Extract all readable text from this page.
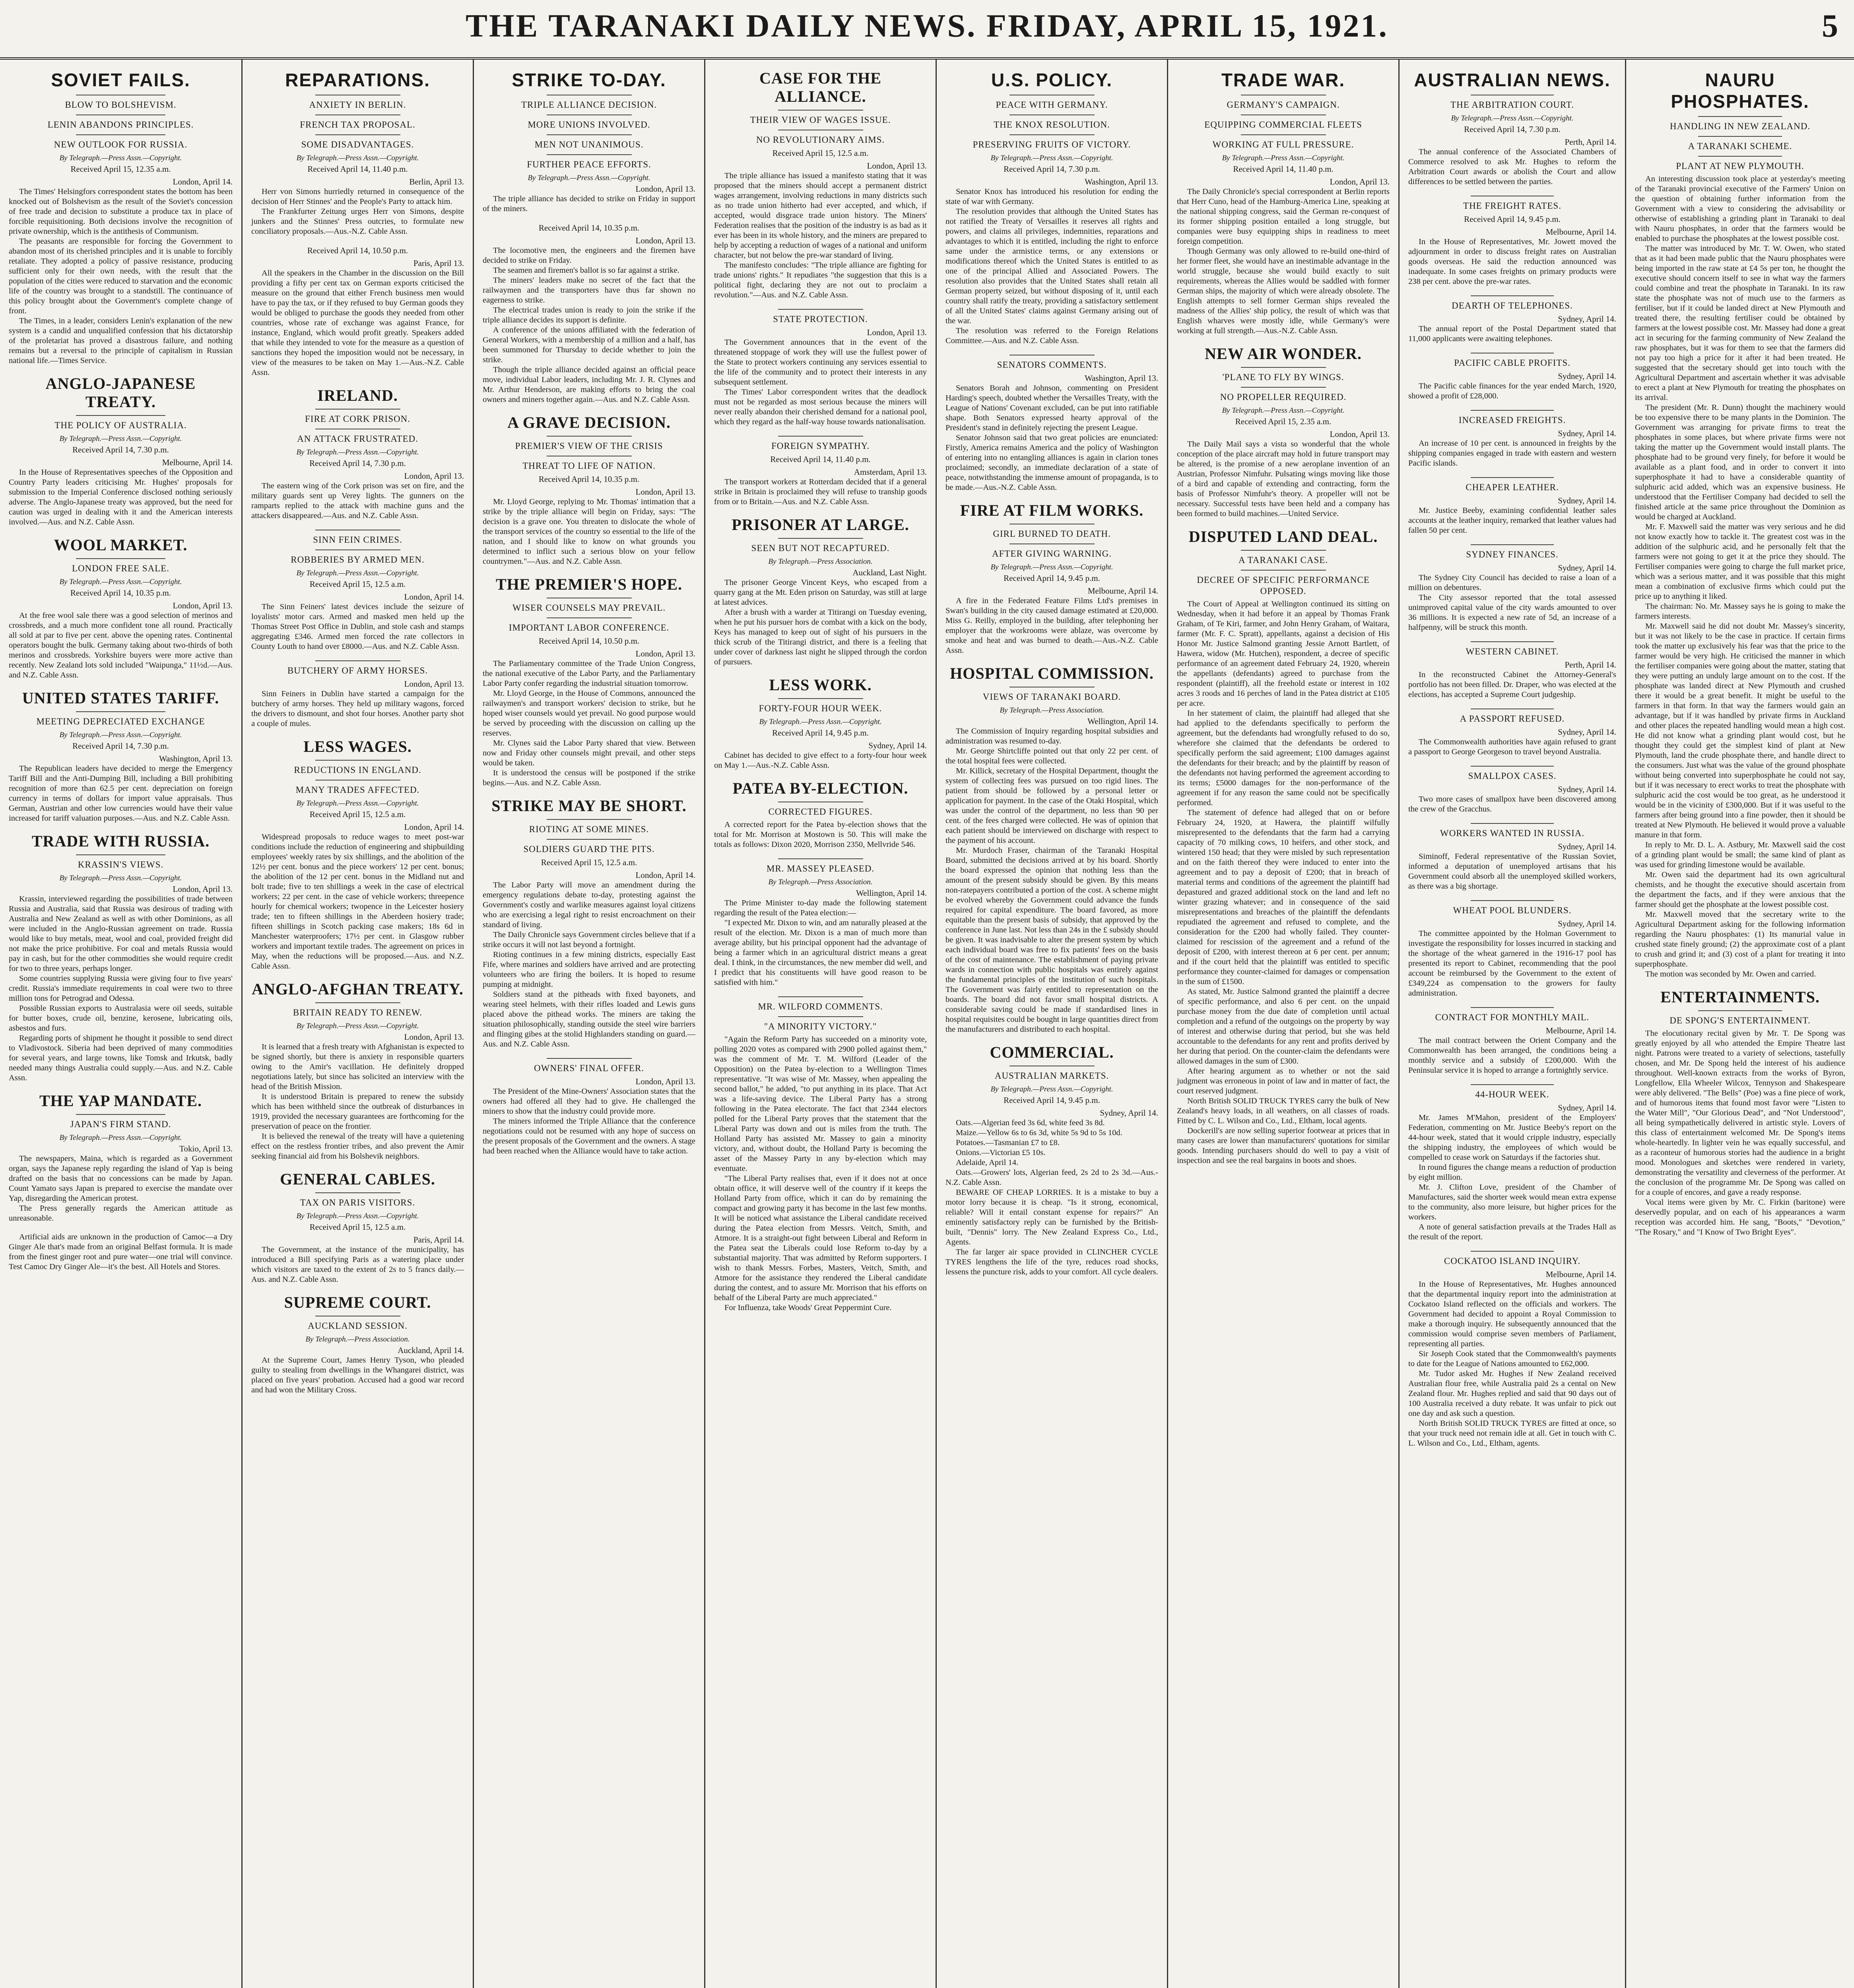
THE TARANAKI DAILY NEWS. FRIDAY, APRIL 15, 1921.	5
SOVIET FAILS.
BLOW TO BOLSHEVISM.
LENIN ABANDONS PRINCIPLES.
NEW OUTLOOK FOR RUSSIA.
By Telegraph.—Press Assn.—Copyright.
Received April 15, 12.35 a.m.
London, April 14.

The Times' Helsingfors correspondent states the bottom has been knocked out of Bolshevism as the result of the Soviet's concession of free trade and decision to substitute a produce tax in place of forcible requisitioning. Both decisions involve the recognition of private ownership, which is the antithesis of Communism.

The peasants are responsible for forcing the Government to abandon most of its cherished principles and it is unable to forcibly retaliate. They adopted a policy of passive resistance, producing sufficient only for their own needs, with the result that the population of the cities were reduced to starvation and the economic life of the country was brought to a standstill. The continuance of this policy brought about the Government's complete change of front.

The Times, in a leader, considers Lenin's explanation of the new system is a candid and unqualified confession that his dictatorship of the proletariat has proved a disastrous failure, and nothing remains but a reversal to the principle of capitalism in Russian national life.—Times Service.

ANGLO-JAPANESE TREATY.
THE POLICY OF AUSTRALIA.
By Telegraph.—Press Assn.—Copyright.
Received April 14, 7.30 p.m.
Melbourne, April 14.

In the House of Representatives speeches of the Opposition and Country Party leaders criticising Mr. Hughes' proposals for submission to the Imperial Conference disclosed nothing seriously adverse. The Anglo-Japanese treaty was approved, but the need for caution was urged in dealing with it and the American interests involved.—Aus. and N.Z. Cable Assn.

WOOL MARKET.
LONDON FREE SALE.
By Telegraph.—Press Assn.—Copyright.
Received April 14, 10.35 p.m.
London, April 13.

At the free wool sale there was a good selection of merinos and crossbreds, and a much more confident tone all round. Practically all sold at par to five per cent. above the opening rates. Continental operators bought the bulk. Germany taking about two-thirds of both merinos and crossbreds. Yorkshire buyers were more active than recently. New Zealand lots sold included "Waipunga," 11½d.—Aus. and N.Z. Cable Assn.

UNITED STATES TARIFF.
MEETING DEPRECIATED EXCHANGE
By Telegraph.—Press Assn.—Copyright.
Received April 14, 7.30 p.m.
Washington, April 13.

The Republican leaders have decided to merge the Emergency Tariff Bill and the Anti-Dumping Bill, including a Bill prohibiting recognition of more than 62.5 per cent. depreciation on foreign currency in terms of dollars for import value appraisals. Thus German, Austrian and other low currencies would have their value increased for tariff valuation purposes.—Aus. and N.Z. Cable Assn.

TRADE WITH RUSSIA.
KRASSIN'S VIEWS.
By Telegraph.—Press Assn.—Copyright.
London, April 13.

Krassin, interviewed regarding the possibilities of trade between Russia and Australia, said that Russia was desirous of trading with Australia and New Zealand as well as with other Dominions, as all were included in the Anglo-Russian agreement on trade. Russia would like to buy metals, meat, wool and coal, provided freight did not make the price prohibitive. For coal and metals Russia would pay in cash, but for the other commodities she would require credit for two to three years, perhaps longer.

Some countries supplying Russia were giving four to five years' credit. Russia's immediate requirements in coal were two to three million tons for Petrograd and Odessa.

Possible Russian exports to Australasia were oil seeds, suitable for butter boxes, crude oil, benzine, kerosene, lubricating oils, asbestos and furs.

Regarding ports of shipment he thought it possible to send direct to Vladivostock. Siberia had been deprived of many commodities for several years, and large towns, like Tomsk and Irkutsk, badly needed many things Australia could supply.—Aus. and N.Z. Cable Assn.

THE YAP MANDATE.
JAPAN'S FIRM STAND.
By Telegraph.—Press Assn.—Copyright.
Tokio, April 13.

The newspapers, Maina, which is regarded as a Government organ, says the Japanese reply regarding the island of Yap is being drafted on the basis that no concessions can be made by Japan. Count Yamato says Japan is prepared to exercise the mandate over Yap, disregarding the American protest.

The Press generally regards the American attitude as unreasonable.

Artificial aids are unknown in the production of Camoc—a Dry Ginger Ale that's made from an original Belfast formula. It is made from the finest ginger root and pure water—one trial will convince. Test Camoc Dry Ginger Ale—it's the best. All Hotels and Stores.

REPARATIONS.
ANXIETY IN BERLIN.
FRENCH TAX PROPOSAL.
SOME DISADVANTAGES.
By Telegraph.—Press Assn.—Copyright.
Received April 14, 11.40 p.m.
Berlin, April 13.

Herr von Simons hurriedly returned in consequence of the decision of Herr Stinnes' and the People's Party to attack him.

The Frankfurter Zeitung urges Herr von Simons, despite junkers and the Stinnes' Press outcries, to formulate new conciliatory proposals.—Aus.-N.Z. Cable Assn.

Received April 14, 10.50 p.m.
Paris, April 13.

All the speakers in the Chamber in the discussion on the Bill providing a fifty per cent tax on German exports criticised the measure on the ground that either French business men would have to pay the tax, or if they refused to buy German goods they would be obliged to purchase the goods they needed from other countries, whose rate of exchange was against France, for instance, England, which would profit greatly. Speakers added that while they intended to vote for the measure as a question of sanctions they hoped the imposition would not be necessary, in view of the measures to be taken on May 1.—Aus.-N.Z. Cable Assn.

IRELAND.
FIRE AT CORK PRISON.
AN ATTACK FRUSTRATED.
By Telegraph.—Press Assn.—Copyright.
Received April 14, 7.30 p.m.
London, April 13.

The eastern wing of the Cork prison was set on fire, and the military guards sent up Verey lights. The gunners on the ramparts replied to the attack with machine guns and the attackers disappeared.—Aus. and N.Z. Cable Assn.

SINN FEIN CRIMES.
ROBBERIES BY ARMED MEN.
By Telegraph.—Press Assn.—Copyright.
Received April 15, 12.5 a.m.
London, April 14.

The Sinn Feiners' latest devices include the seizure of loyalists' motor cars. Armed and masked men held up the Thomas Street Post Office in Dublin, and stole cash and stamps aggregating £346. Armed men forced the rate collectors in County Louth to hand over £8000.—Aus. and N.Z. Cable Assn.

BUTCHERY OF ARMY HORSES.
London, April 13.

Sinn Feiners in Dublin have started a campaign for the butchery of army horses. They held up military wagons, forced the drivers to dismount, and shot four horses. Another party shot a couple of mules.

LESS WAGES.
REDUCTIONS IN ENGLAND.
MANY TRADES AFFECTED.
By Telegraph.—Press Assn.—Copyright.
Received April 15, 12.5 a.m.
London, April 14.

Widespread proposals to reduce wages to meet post-war conditions include the reduction of engineering and shipbuilding employees' weekly rates by six shillings, and the abolition of the 12½ per cent. bonus and the piece workers' 12 per cent. bonus; the abolition of the 12 per cent. bonus in the Midland nut and bolt trade; five to ten shillings a week in the case of electrical workers; 22 per cent. in the case of vehicle workers; threepence hourly for chemical workers; twopence in the Leicester hosiery trade; ten to fifteen shillings in the Aberdeen hosiery trade; fifteen shillings in Scotch packing case makers; 18s 6d in Manchester waterproofers; 17½ per cent. in Glasgow rubber workers and important textile trades. The agreement on prices in May, when the reductions will be proposed.—Aus. and N.Z. Cable Assn.

ANGLO-AFGHAN TREATY.
BRITAIN READY TO RENEW.
By Telegraph.—Press Assn.—Copyright.
London, April 13.

It is learned that a fresh treaty with Afghanistan is expected to be signed shortly, but there is anxiety in responsible quarters owing to the Amir's vacillation. He definitely dropped negotiations lately, but since has solicited an interview with the head of the British Mission.

It is understood Britain is prepared to renew the subsidy which has been withheld since the outbreak of disturbances in 1919, provided the necessary guarantees are forthcoming for the preservation of peace on the frontier.

It is believed the renewal of the treaty will have a quietening effect on the restless frontier tribes, and also prevent the Amir seeking financial aid from his Bolshevik neighbors.

GENERAL CABLES.
TAX ON PARIS VISITORS.
By Telegraph.—Press Assn.—Copyright.
Received April 15, 12.5 a.m.
Paris, April 14.

The Government, at the instance of the municipality, has introduced a Bill specifying Paris as a watering place under which visitors are taxed to the extent of 2s to 5 francs daily.—Aus. and N.Z. Cable Assn.

SUPREME COURT.
AUCKLAND SESSION.
By Telegraph.—Press Association.
Auckland, April 14.

At the Supreme Court, James Henry Tyson, who pleaded guilty to stealing from dwellings in the Whangarei district, was placed on five years' probation. Accused had a good war record and had won the Military Cross.

STRIKE TO-DAY.
TRIPLE ALLIANCE DECISION.
MORE UNIONS INVOLVED.
MEN NOT UNANIMOUS.
FURTHER PEACE EFFORTS.
By Telegraph.—Press Assn.—Copyright.
London, April 13.

The triple alliance has decided to strike on Friday in support of the miners.

Received April 14, 10.35 p.m.
London, April 13.

The locomotive men, the engineers and the firemen have decided to strike on Friday.

The seamen and firemen's ballot is so far against a strike.

The miners' leaders make no secret of the fact that the railwaymen and the transporters have thus far shown no eagerness to strike.

The electrical trades union is ready to join the strike if the triple alliance decides its support is definite.

A conference of the unions affiliated with the federation of General Workers, with a membership of a million and a half, has been summoned for Thursday to decide whether to join the strike.

Though the triple alliance decided against an official peace move, individual Labor leaders, including Mr. J. R. Clynes and Mr. Arthur Henderson, are making efforts to bring the coal owners and miners together again.—Aus. and N.Z. Cable Assn.

A GRAVE DECISION.
PREMIER'S VIEW OF THE CRISIS
THREAT TO LIFE OF NATION.
Received April 14, 10.35 p.m.
London, April 13.

Mr. Lloyd George, replying to Mr. Thomas' intimation that a strike by the triple alliance will begin on Friday, says: "The decision is a grave one. You threaten to dislocate the whole of the transport services of the country so essential to the life of the nation, and I should like to know on what grounds you determined to inflict such a serious blow on your fellow countrymen."—Aus. and N.Z. Cable Assn.

THE PREMIER'S HOPE.
WISER COUNSELS MAY PREVAIL.
IMPORTANT LABOR CONFERENCE.
Received April 14, 10.50 p.m.
London, April 13.

The Parliamentary committee of the Trade Union Congress, the national executive of the Labor Party, and the Parliamentary Labor Party confer regarding the industrial situation tomorrow.

Mr. Lloyd George, in the House of Commons, announced the railwaymen's and transport workers' decision to strike, but he hoped wiser counsels would yet prevail. No good purpose would be served by proceeding with the discussion on calling up the reserves.

Mr. Clynes said the Labor Party shared that view. Between now and Friday other counsels might prevail, and other steps would be taken.

It is understood the census will be postponed if the strike begins.—Aus. and N.Z. Cable Assn.

STRIKE MAY BE SHORT.
RIOTING AT SOME MINES.
SOLDIERS GUARD THE PITS.
Received April 15, 12.5 a.m.
London, April 14.

The Labor Party will move an amendment during the emergency regulations debate to-day, protesting against the Government's costly and warlike measures against loyal citizens who are exercising a legal right to resist encroachment on their standard of living.

The Daily Chronicle says Government circles believe that if a strike occurs it will not last beyond a fortnight.

Rioting continues in a few mining districts, especially East Fife, where marines and soldiers have arrived and are protecting volunteers who are firing the boilers. It is hoped to resume pumping at midnight.

Soldiers stand at the pitheads with fixed bayonets, and wearing steel helmets, with their rifles loaded and Lewis guns placed above the pithead works. The miners are taking the situation philosophically, standing outside the steel wire barriers and flinging gibes at the stolid Highlanders standing on guard.—Aus. and N.Z. Cable Assn.

OWNERS' FINAL OFFER.
London, April 13.

The President of the Mine-Owners' Association states that the owners had offered all they had to give. He challenged the miners to show that the industry could provide more.

The miners informed the Triple Alliance that the conference negotiations could not be resumed with any hope of success on the present proposals of the Government and the owners. A stage had been reached when the Alliance would have to take action.

CASE FOR THE ALLIANCE.
THEIR VIEW OF WAGES ISSUE.
NO REVOLUTIONARY AIMS.
Received April 15, 12.5 a.m.
London, April 13.

The triple alliance has issued a manifesto stating that it was proposed that the miners should accept a permanent district wages arrangement, involving reductions in many districts such as no trade union hitherto had ever accepted, and which, if accepted, would disgrace trade union history. The Miners' Federation realises that the position of the industry is as bad as it ever has been in its whole history, and the miners are prepared to help by accepting a reduction of wages of a national and uniform character, but not below the pre-war standard of living.

The manifesto concludes: "The triple alliance are fighting for trade unions' rights." It repudiates "the suggestion that this is a political fight, declaring they are not out to proclaim a revolution."—Aus. and N.Z. Cable Assn.

STATE PROTECTION.
London, April 13.

The Government announces that in the event of the threatened stoppage of work they will use the fullest power of the State to protect workers continuing any services essential to the life of the community and to protect their interests in any subsequent settlement.

The Times' Labor correspondent writes that the deadlock must not be regarded as most serious because the miners will never really abandon their cherished demand for a national pool, which they regard as the half-way house towards nationalisation.

FOREIGN SYMPATHY.
Received April 14, 11.40 p.m.
Amsterdam, April 13.

The transport workers at Rotterdam decided that if a general strike in Britain is proclaimed they will refuse to tranship goods from or to Britain.—Aus. and N.Z. Cable Assn.

PRISONER AT LARGE.
SEEN BUT NOT RECAPTURED.
By Telegraph.—Press Association.
Auckland, Last Night.

The prisoner George Vincent Keys, who escaped from a quarry gang at the Mt. Eden prison on Saturday, was still at large at latest advices.

After a brush with a warder at Titirangi on Tuesday evening, when he put his pursuer hors de combat with a kick on the body, Keys has managed to keep out of sight of his pursuers in the thick scrub of the Titirangi district, and there is a feeling that under cover of darkness last night he slipped through the cordon of pursuers.

LESS WORK.
FORTY-FOUR HOUR WEEK.
By Telegraph.—Press Assn.—Copyright.
Received April 14, 9.45 p.m.
Sydney, April 14.

Cabinet has decided to give effect to a forty-four hour week on May 1.—Aus.-N.Z. Cable Assn.

PATEA BY-ELECTION.
CORRECTED FIGURES.

A corrected report for the Patea by-election shows that the total for Mr. Morrison at Mostown is 50. This will make the totals as follows: Dixon 2020, Morrison 2350, Mellvride 546.

MR. MASSEY PLEASED.
By Telegraph.—Press Association.
Wellington, April 14.

The Prime Minister to-day made the following statement regarding the result of the Patea election:—

"I expected Mr. Dixon to win, and am naturally pleased at the result of the election. Mr. Dixon is a man of much more than average ability, but his principal opponent had the advantage of being a farmer which in an agricultural district means a great deal. I think, in the circumstances, the new member did well, and I predict that his constituents will have good reason to be satisfied with him."

MR. WILFORD COMMENTS.
"A MINORITY VICTORY."

"Again the Reform Party has succeeded on a minority vote, polling 2020 votes as compared with 2900 polled against them," was the comment of Mr. T. M. Wilford (Leader of the Opposition) on the Patea by-election to a Wellington Times representative. "It was wise of Mr. Massey, when appealing the second ballot," he added, "to put anything in its place. That Act was a life-saving device. The Liberal Party has a strong following in the Patea electorate. The fact that 2344 electors polled for the Liberal Party proves that the statement that the Liberal Party was down and out is miles from the truth. The Holland Party has assisted Mr. Massey to gain a minority victory, and, without doubt, the Holland Party is becoming the asset of the Massey Party in any by-election which may eventuate.

"The Liberal Party realises that, even if it does not at once obtain office, it will deserve well of the country if it keeps the Holland Party from office, which it can do by remaining the compact and growing party it has become in the last few months. It will be noticed what assistance the Liberal candidate received during the Patea election from Messrs. Veitch, Smith, and Atmore. It is a straight-out fight between Liberal and Reform in the Patea seat the Liberals could lose Reform to-day by a substantial majority. That was admitted by Reform supporters. I wish to thank Messrs. Forbes, Masters, Veitch, Smith, and Atmore for the assistance they rendered the Liberal candidate during the contest, and to assure Mr. Morrison that his efforts on behalf of the Liberal Party are much appreciated."

For Influenza, take Woods' Great Peppermint Cure.

U.S. POLICY.
PEACE WITH GERMANY.
THE KNOX RESOLUTION.
PRESERVING FRUITS OF VICTORY.
By Telegraph.—Press Assn.—Copyright.
Received April 14, 7.30 p.m.
Washington, April 13.

Senator Knox has introduced his resolution for ending the state of war with Germany.

The resolution provides that although the United States has not ratified the Treaty of Versailles it reserves all rights and powers, and claims all privileges, indemnities, reparations and advantages to which it is entitled, including the right to enforce same under the armistice terms, or any extensions or modifications thereof which the United States is entitled to as one of the principal Allied and Associated Powers. The resolution also provides that the United States shall retain all German property seized, but without disposing of it, until each country shall ratify the treaty, providing a satisfactory settlement of all the United States' claims against Germany arising out of the war.

The resolution was referred to the Foreign Relations Committee.—Aus. and N.Z. Cable Assn.

SENATORS COMMENTS.
Washington, April 13.

Senators Borah and Johnson, commenting on President Harding's speech, doubted whether the Versailles Treaty, with the League of Nations' Covenant excluded, can be put into ratifiable shape. Both Senators expressed hearty approval of the President's stand in definitely rejecting the present League.

Senator Johnson said that two great policies are enunciated: Firstly, America remains America and the policy of Washington of entering into no entangling alliances is again in clarion tones proclaimed; secondly, an immediate declaration of a state of peace, notwithstanding the immense amount of propaganda, is to be made.—Aus.-N.Z. Cable Assn.

FIRE AT FILM WORKS.
GIRL BURNED TO DEATH.
AFTER GIVING WARNING.
By Telegraph.—Press Assn.—Copyright.
Received April 14, 9.45 p.m.
Melbourne, April 14.

A fire in the Federated Feature Films Ltd's premises in Swan's building in the city caused damage estimated at £20,000. Miss G. Reilly, employed in the building, after telephoning her employer that the workrooms were ablaze, was overcome by smoke and heat and was burned to death.—Aus.-N.Z. Cable Assn.

HOSPITAL COMMISSION.
VIEWS OF TARANAKI BOARD.
By Telegraph.—Press Association.
Wellington, April 14.

The Commission of Inquiry regarding hospital subsidies and administration was resumed to-day.

Mr. George Shirtcliffe pointed out that only 22 per cent. of the total hospital fees were collected.

Mr. Killick, secretary of the Hospital Department, thought the system of collecting fees was pursued on too rigid lines. The patient from should be followed by a personal letter or application for payment. In the case of the Otaki Hospital, which was under the control of the department, no less than 90 per cent. of the fees charged were collected. He was of opinion that each patient should be interviewed on discharge with respect to the payment of his account.

Mr. Murdoch Fraser, chairman of the Taranaki Hospital Board, submitted the decisions arrived at by his board. Shortly the board expressed the opinion that nothing less than the amount of the present subsidy should be given. By this means non-ratepayers contributed a portion of the cost. A scheme might be evolved whereby the Government could advance the funds required for capital expenditure. The board favored, as more equitable than the present basis of subsidy, that approved by the conference in June last. Not less than 24s in the £ subsidy should be given. It was inadvisable to alter the present system by which each individual board was free to fix patients' fees on the basis of the cost of maintenance. The establishment of paying private wards in connection with public hospitals was entirely against the fundamental principles of the institution of such hospitals. The Government was fairly entitled to representation on the boards. The board did not favor small hospital districts. A considerable saving could be made if standardised lines in hospital requisites could be bought in large quantities direct from the manufacturers and distributed to each hospital.

COMMERCIAL.
AUSTRALIAN MARKETS.
By Telegraph.—Press Assn.—Copyright.
Received April 14, 9.45 p.m.
Sydney, April 14.

Oats.—Algerian feed 3s 6d, white feed 3s 8d.

Maize.—Yellow 6s to 6s 3d, white 5s 9d to 5s 10d.

Potatoes.—Tasmanian £7 to £8.

Onions.—Victorian £5 10s.

Adelaide, April 14.

Oats.—Growers' lots, Algerian feed, 2s 2d to 2s 3d.—Aus.-N.Z. Cable Assn.

BEWARE OF CHEAP LORRIES. It is a mistake to buy a motor lorry because it is cheap. "Is it strong, economical, reliable? Will it entail constant expense for repairs?" An eminently satisfactory reply can be furnished by the British-built, "Dennis" lorry. The New Zealand Express Co., Ltd., Agents.

The far larger air space provided in CLINCHER CYCLE TYRES lengthens the life of the tyre, reduces road shocks, lessens the puncture risk, adds to your comfort. All cycle dealers.

TRADE WAR.
GERMANY'S CAMPAIGN.
EQUIPPING COMMERCIAL FLEETS
WORKING AT FULL PRESSURE.
By Telegraph.—Press Assn.—Copyright.
Received April 14, 11.40 p.m.
London, April 13.

The Daily Chronicle's special correspondent at Berlin reports that Herr Cuno, head of the Hamburg-America Line, speaking at the national shipping congress, said the German re-conquest of its former shipping position entailed a long struggle, but companies were busy equipping ships in readiness to meet foreign competition.

Though Germany was only allowed to re-build one-third of her former fleet, she would have an inestimable advantage in the world struggle, because she would build exactly to suit requirements, whereas the Allies would be saddled with former German ships, the majority of which were already obsolete. The English attempts to sell former German ships revealed the madness of the Allies' ship policy, the result of which was that English wharves were mostly idle, while Germany's were working at full strength.—Aus.-N.Z. Cable Assn.

NEW AIR WONDER.
'PLANE TO FLY BY WINGS.
NO PROPELLER REQUIRED.
By Telegraph.—Press Assn.—Copyright.
Received April 15, 2.35 a.m.
London, April 13.

The Daily Mail says a vista so wonderful that the whole conception of the place aircraft may hold in future transport may be altered, is the promise of a new aeroplane invention of an Austrian, Professor Nimfuhr. Pulsating wings moving like those of a bird and capable of extending and contracting, form the basis of Professor Nimfuhr's theory. A propeller will not be necessary. Successful tests have been held and a company has been formed to build machines.—United Service.

DISPUTED LAND DEAL.
A TARANAKI CASE.
DECREE OF SPECIFIC PERFORMANCE OPPOSED.

The Court of Appeal at Wellington continued its sitting on Wednesday, when it had before it an appeal by Thomas Frank Graham, of Te Kiri, farmer, and John Henry Graham, of Waitara, farmer (Mr. F. C. Spratt), appellants, against a decision of His Honor Mr. Justice Salmond granting Jessie Arnott Bartlett, of Hawera, widow (Mr. Hutchen), respondent, a decree of specific performance of an agreement dated February 24, 1920, wherein the appellants (defendants) agreed to purchase from the respondent (plaintiff), all the freehold estate or interest in 102 acres 3 roods and 16 perches of land in the Patea district at £105 per acre.

In her statement of claim, the plaintiff had alleged that she had applied to the defendants specifically to perform the agreement, but the defendants had wrongfully refused to do so, wherefore she claimed that the defendants be ordered to specifically perform the said agreement; £100 damages against the defendants for their breach; and by the plaintiff by reason of the defendants not having performed the agreement according to its terms; £5000 damages for the non-performance of the agreement if for any reason the same could not be specifically performed.

The statement of defence had alleged that on or before February 24, 1920, at Hawera, the plaintiff wilfully misrepresented to the defendants that the farm had a carrying capacity of 70 milking cows, 10 heifers, and other stock, and wintered 150 head; that they were misled by such representation and on the faith thereof they were induced to enter into the agreement and to pay a deposit of £200; that in breach of material terms and conditions of the agreement the plaintiff had depastured and grazed additional stock on the land and left no winter grazing whatever; and in consequence of the said misrepresentations and breaches of the plaintiff the defendants repudiated the agreement and refused to complete, and the consideration for the £200 had wholly failed. They counter-claimed for rescission of the agreement and a refund of the deposit of £200, with interest thereon at 6 per cent. per annum; and if the court held that the plaintiff was entitled to specific performance they counter-claimed for damages or compensation in the sum of £1500.

As stated, Mr. Justice Salmond granted the plaintiff a decree of specific performance, and also 6 per cent. on the unpaid purchase money from the due date of completion until actual completion and a refund of the outgoings on the property by way of interest and otherwise during that period, but she was held accountable to the defendants for any rent and profits derived by her during that period. On the counter-claim the defendants were allowed damages in the sum of £300.

After hearing argument as to whether or not the said judgment was erroneous in point of law and in matter of fact, the court reserved judgment.

North British SOLID TRUCK TYRES carry the bulk of New Zealand's heavy loads, in all weathers, on all classes of roads. Fitted by C. L. Wilson and Co., Ltd., Eltham, local agents.

Dockerill's are now selling superior footwear at prices that in many cases are lower than manufacturers' quotations for similar goods. Intending purchasers should do well to pay a visit of inspection and see the real bargains in boots and shoes.

AUSTRALIAN NEWS.
THE ARBITRATION COURT.
By Telegraph.—Press Assn.—Copyright.
Received April 14, 7.30 p.m.
Perth, April 14.

The annual conference of the Associated Chambers of Commerce resolved to ask Mr. Hughes to reform the Arbitration Court awards or abolish the Court and allow differences to be settled between the parties.

THE FREIGHT RATES.
Received April 14, 9.45 p.m.
Melbourne, April 14.

In the House of Representatives, Mr. Jowett moved the adjournment in order to discuss freight rates on Australian goods overseas. He said the reduction announced was inadequate. In some cases freights on primary products were 238 per cent. above the pre-war rates.

DEARTH OF TELEPHONES.
Sydney, April 14.

The annual report of the Postal Department stated that 11,000 applicants were awaiting telephones.

PACIFIC CABLE PROFITS.
Sydney, April 14.

The Pacific cable finances for the year ended March, 1920, showed a profit of £28,000.

INCREASED FREIGHTS.
Sydney, April 14.

An increase of 10 per cent. is announced in freights by the shipping companies engaged in trade with eastern and western Pacific islands.

CHEAPER LEATHER.
Sydney, April 14.

Mr. Justice Beeby, examining confidential leather sales accounts at the leather inquiry, remarked that leather values had fallen 50 per cent.

SYDNEY FINANCES.
Sydney, April 14.

The Sydney City Council has decided to raise a loan of a million on debentures.

The City assessor reported that the total assessed unimproved capital value of the city wards amounted to over 36 millions. It is expected a new rate of 5d, an increase of a halfpenny, will be struck this month.

WESTERN CABINET.
Perth, April 14.

In the reconstructed Cabinet the Attorney-General's portfolio has not been filled. Dr. Draper, who was elected at the elections, has accepted a Supreme Court judgeship.

A PASSPORT REFUSED.
Sydney, April 14.

The Commonwealth authorities have again refused to grant a passport to George Georgeson to travel beyond Australia.

SMALLPOX CASES.
Sydney, April 14.

Two more cases of smallpox have been discovered among the crew of the Gracchus.

WORKERS WANTED IN RUSSIA.
Sydney, April 14.

Siminoff, Federal representative of the Russian Soviet, informed a deputation of unemployed artisans that his Government could absorb all the unemployed skilled workers, as there was a big shortage.

WHEAT POOL BLUNDERS.
Sydney, April 14.

The committee appointed by the Holman Government to investigate the responsibility for losses incurred in stacking and the shortage of the wheat garnered in the 1916-17 pool has presented its report to Cabinet, recommending that the pool account be reimbursed by the Government to the extent of £349,224 as compensation to the growers for faulty administration.

CONTRACT FOR MONTHLY MAIL.
Melbourne, April 14.

The mail contract between the Orient Company and the Commonwealth has been arranged, the conditions being a monthly service and a subsidy of £200,000. With the Peninsular service it is hoped to arrange a fortnightly service.

44-HOUR WEEK.
Sydney, April 14.

Mr. James M'Mahon, president of the Employers' Federation, commenting on Mr. Justice Beeby's report on the 44-hour week, stated that it would cripple industry, especially the shipping industry, the employees of which would be compelled to cease work on Saturdays if the factories shut.

In round figures the change means a reduction of production by eight million.

Mr. J. Clifton Love, president of the Chamber of Manufactures, said the shorter week would mean extra expense to the community, also more leisure, but higher prices for the workers.

A note of general satisfaction prevails at the Trades Hall as the result of the report.

COCKATOO ISLAND INQUIRY.
Melbourne, April 14.

In the House of Representatives, Mr. Hughes announced that the departmental inquiry report into the administration at Cockatoo Island reflected on the officials and workers. The Government had decided to appoint a Royal Commission to make a thorough inquiry. He subsequently announced that the commission would comprise seven members of Parliament, representing all parties.

Sir Joseph Cook stated that the Commonwealth's payments to date for the League of Nations amounted to £62,000.

Mr. Tudor asked Mr. Hughes if New Zealand received Australian flour free, while Australia paid 2s a cental on New Zealand flour. Mr. Hughes replied and said that 90 days out of 100 Australia received a duty rebate. It was unfair to pick out one day and ask such a question.

North British SOLID TRUCK TYRES are fitted at once, so that your truck need not remain idle at all. Get in touch with C. L. Wilson and Co., Ltd., Eltham, agents.

NAURU PHOSPHATES.
HANDLING IN NEW ZEALAND.
A TARANAKI SCHEME.
PLANT AT NEW PLYMOUTH.

An interesting discussion took place at yesterday's meeting of the Taranaki provincial executive of the Farmers' Union on the question of obtaining further information from the Government with a view to considering the advisability or otherwise of establishing a grinding plant in Taranaki to deal with Nauru phosphates, in order that the farmers would be enabled to purchase the phosphates at the lowest possible cost.

The matter was introduced by Mr. T. W. Owen, who stated that as it had been made public that the Nauru phosphates were being imported in the raw state at £4 5s per ton, he thought the executive should concern itself to see in what way the farmers could combine and treat the phosphate in Taranaki. In its raw state the phosphate was not of much use to the farmers as fertiliser, but if it could be landed direct at New Plymouth and treated there, the resulting fertiliser could be obtained by farmers at the lowest possible cost. Mr. Massey had done a great act in securing for the farming community of New Zealand the raw phosphates, but it was for them to see that the farmers did not pay too high a price for it after it had been treated. He suggested that the secretary should get into touch with the Agricultural Department and ascertain whether it was advisable to erect a plant at New Plymouth for treating the phosphates on its arrival.

The president (Mr. R. Dunn) thought the machinery would be too expensive there to be many plants in the Dominion. The Government was arranging for private firms to treat the phosphates in some places, but where private firms were not taking the matter up the Government would install plants. The phosphate had to be ground very finely, for before it would be available as a plant food, and in order to convert it into superphosphate it had to have a considerable quantity of sulphuric acid added, which was an expensive business. He understood that the Fertiliser Company had decided to sell the finished article at the same price throughout the Dominion as would be charged at Auckland.

Mr. F. Maxwell said the matter was very serious and he did not know exactly how to tackle it. The greatest cost was in the addition of the sulphuric acid, and he personally felt that the farmers were not going to get it at the price they should. The Fertiliser companies were going to charge the full market price, which was a serious matter, and it was possible that this might mean a combination of exclusive firms which could put the price up to anything it liked.

The chairman: No. Mr. Massey says he is going to make the farmers interests.

Mr. Maxwell said he did not doubt Mr. Massey's sincerity, but it was not likely to be the case in practice. If certain firms took the matter up exclusively his fear was that the price to the farmer would be very high. He criticised the manner in which the fertiliser companies were going about the matter, stating that they were putting an unduly large amount on to the cost. If the phosphate was landed direct at New Plymouth and crushed there it would be a great benefit. It might be useful to the farmers in that form. In that way the farmers would gain an advantage, but if it was handled by private firms in Auckland and other places the repeated handling would mean a high cost. He did not know what a grinding plant would cost, but he thought they could get the simplest kind of plant at New Plymouth, land the crude phosphate there, and handle direct to the consumers. Just what was the value of the ground phosphate without being converted into superphosphate he could not say, but if it was necessary to erect works to treat the phosphate with sulphuric acid the cost would be too great, as he understood it would be in the vicinity of £300,000. But if it was useful to the farmers after being ground into a fine powder, then it should be treated at New Plymouth. He believed it would prove a valuable manure in that form.

In reply to Mr. D. L. A. Astbury, Mr. Maxwell said the cost of a grinding plant would be small; the same kind of plant as was used for grinding limestone would be available.

Mr. Owen said the department had its own agricultural chemists, and he thought the executive should ascertain from the department the facts, and if they were anxious that the farmer should get the phosphate at the lowest possible cost.

Mr. Maxwell moved that the secretary write to the Agricultural Department asking for the following information regarding the Nauru phosphates: (1) Its manurial value in crushed state finely ground; (2) the approximate cost of a plant to crush and grind it; and (3) cost of a plant for treating it into superphosphate.

The motion was seconded by Mr. Owen and carried.

ENTERTAINMENTS.
DE SPONG'S ENTERTAINMENT.

The elocutionary recital given by Mr. T. De Spong was greatly enjoyed by all who attended the Empire Theatre last night. Patrons were treated to a variety of selections, tastefully chosen, and Mr. De Spong held the interest of his audience throughout. Well-known extracts from the works of Byron, Longfellow, Ella Wheeler Wilcox, Tennyson and Shakespeare were ably delivered. "The Bells" (Poe) was a fine piece of work, and of humorous items that found most favor were "Listen to the Water Mill", "Our Glorious Dead", and "Not Understood", all being sympathetically delivered in artistic style. Lovers of this class of entertainment welcomed Mr. De Spong's items whole-heartedly. In lighter vein he was equally successful, and as a raconteur of humorous stories had the audience in a bright mood. Monologues and sketches were rendered in variety, demonstrating the versatility and cleverness of the performer. At the conclusion of the programme Mr. De Spong was called on for a couple of encores, and gave a ready response.

Vocal items were given by Mr. C. Firkin (baritone) were deservedly popular, and on each of his appearances a warm reception was accorded him. He sang, "Boots," "Devotion," "The Rosary," and "I Know of Two Bright Eyes".
